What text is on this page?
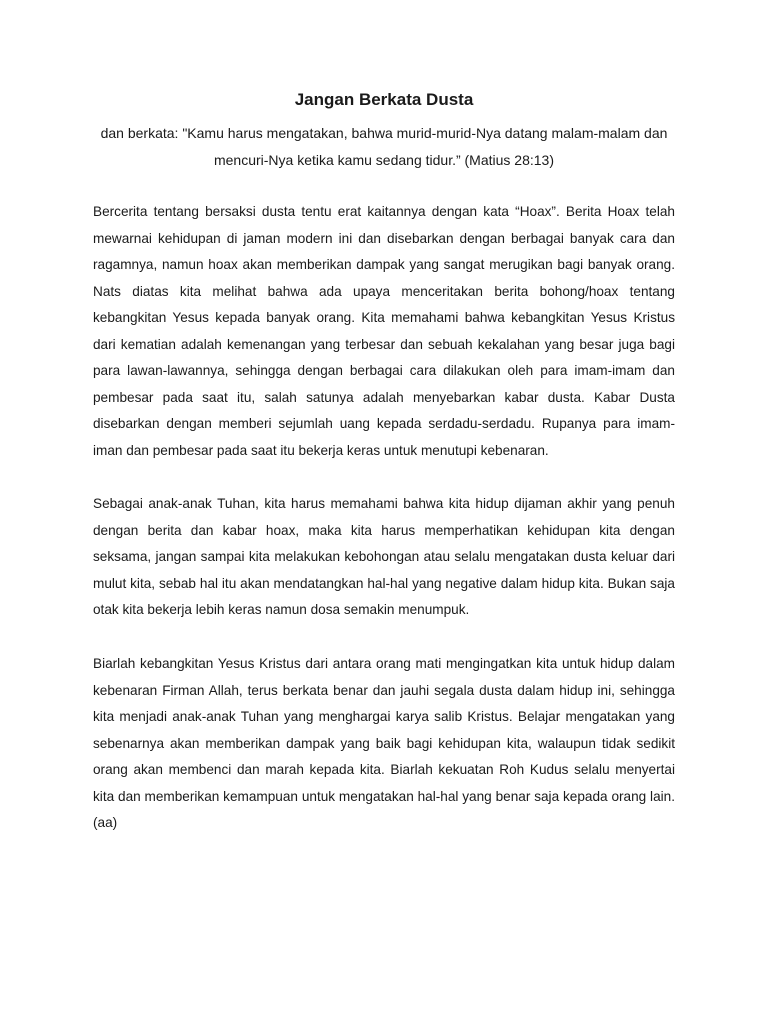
Jangan Berkata Dusta

dan berkata: "Kamu harus mengatakan, bahwa murid-murid-Nya datang malam-malam dan mencuri-Nya ketika kamu sedang tidur.” (Matius 28:13)

Bercerita tentang bersaksi dusta tentu erat kaitannya dengan kata “Hoax”. Berita Hoax telah mewarnai kehidupan di jaman modern ini dan disebarkan dengan berbagai banyak cara dan ragamnya, namun hoax akan memberikan dampak yang sangat merugikan bagi banyak orang. Nats diatas kita melihat bahwa ada upaya menceritakan berita bohong/hoax tentang kebangkitan Yesus kepada banyak orang. Kita memahami bahwa kebangkitan Yesus Kristus dari kematian adalah kemenangan yang terbesar dan sebuah kekalahan yang besar juga bagi para lawan-lawannya, sehingga dengan berbagai cara dilakukan oleh para imam-imam dan pembesar pada saat itu, salah satunya adalah menyebarkan kabar dusta. Kabar Dusta disebarkan dengan memberi sejumlah uang kepada serdadu-serdadu. Rupanya para imam-iman dan pembesar pada saat itu bekerja keras untuk menutupi kebenaran.

Sebagai anak-anak Tuhan, kita harus memahami bahwa kita hidup dijaman akhir yang penuh dengan berita dan kabar hoax, maka kita harus memperhatikan kehidupan kita dengan seksama, jangan sampai kita melakukan kebohongan atau selalu mengatakan dusta keluar dari mulut kita, sebab hal itu akan mendatangkan hal-hal yang negative dalam hidup kita. Bukan saja otak kita bekerja lebih keras namun dosa semakin menumpuk.

Biarlah kebangkitan Yesus Kristus dari antara orang mati mengingatkan kita untuk hidup dalam kebenaran Firman Allah, terus berkata benar dan jauhi segala dusta dalam hidup ini, sehingga kita menjadi anak-anak Tuhan yang menghargai karya salib Kristus. Belajar mengatakan yang sebenarnya akan memberikan dampak yang baik bagi kehidupan kita, walaupun tidak sedikit orang akan membenci dan marah kepada kita. Biarlah kekuatan Roh Kudus selalu menyertai kita dan memberikan kemampuan untuk mengatakan hal-hal yang benar saja kepada orang lain. (aa)
